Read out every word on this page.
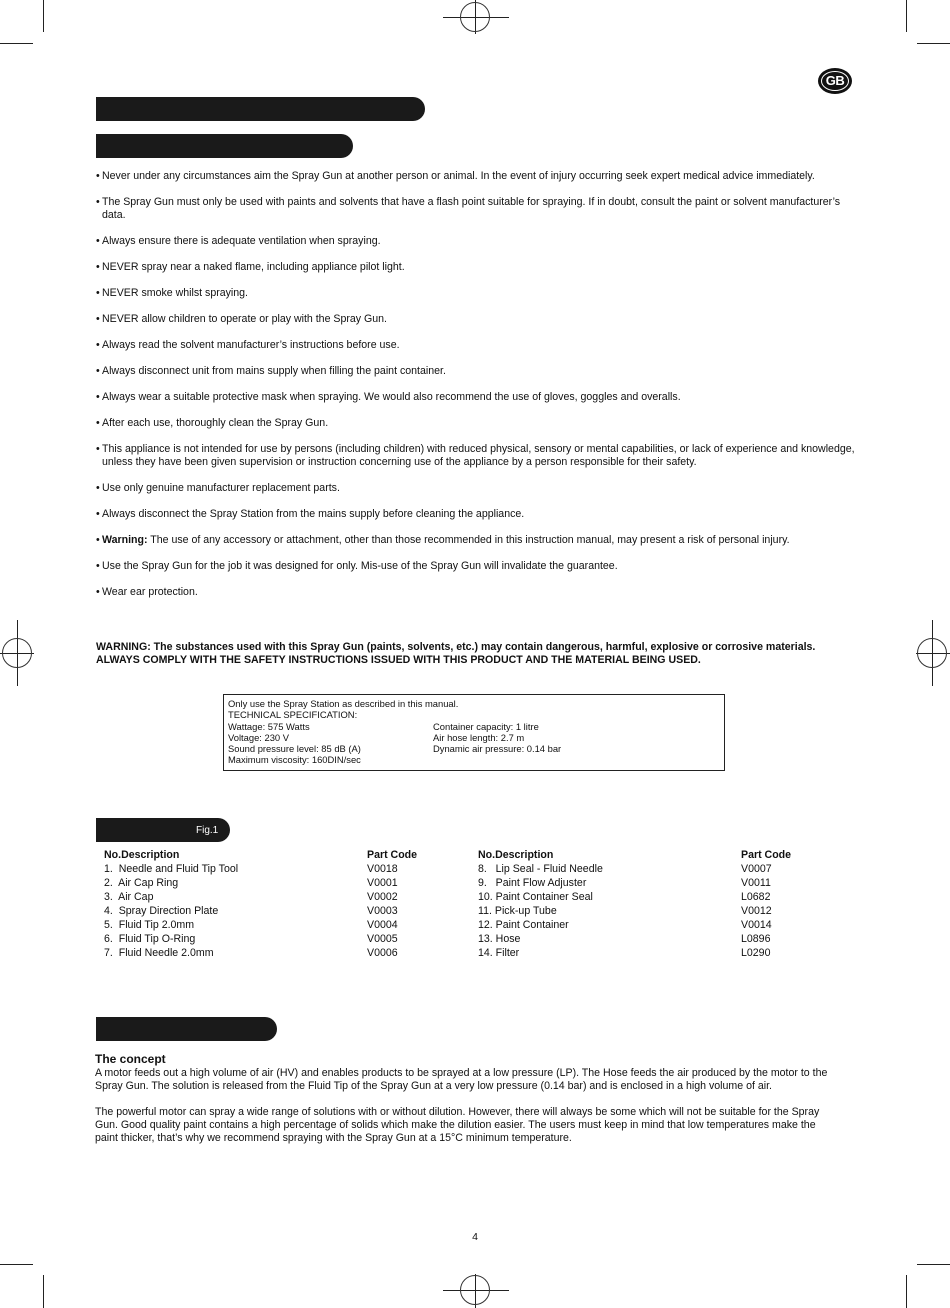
GB
• Never under any circumstances aim the Spray Gun at another person or animal. In the event of injury occurring seek expert medical advice immediately.

• The Spray Gun must only be used with paints and solvents that have a flash point suitable for spraying. If in doubt, consult the paint or solvent manufacturer’s data.

• Always ensure there is adequate ventilation when spraying.

• NEVER spray near a naked flame, including appliance pilot light.

• NEVER smoke whilst spraying.

• NEVER allow children to operate or play with the Spray Gun.

• Always read the solvent manufacturer’s instructions before use.

• Always disconnect unit from mains supply when filling the paint container.

• Always wear a suitable protective mask when spraying. We would also recommend the use of gloves, goggles and overalls.

• After each use, thoroughly clean the Spray Gun.

• This appliance is not intended for use by persons (including children) with reduced physical, sensory or mental capabilities, or lack of experience and knowledge, unless they have been given supervision or instruction concerning use of the appliance by a person responsible for their safety.

• Use only genuine manufacturer replacement parts.

• Always disconnect the Spray Station from the mains supply before cleaning the appliance.

• Warning: The use of any accessory or attachment, other than those recommended in this instruction manual, may present a risk of personal injury.

• Use the Spray Gun for the job it was designed for only. Mis-use of the Spray Gun will invalidate the guarantee.

• Wear ear protection.

WARNING: The substances used with this Spray Gun (paints, solvents, etc.) may contain dangerous, harmful, explosive or corrosive materials. ALWAYS COMPLY WITH THE SAFETY INSTRUCTIONS ISSUED WITH THIS PRODUCT AND THE MATERIAL BEING USED.
Only use the Spray Station as described in this manual.
TECHNICAL SPECIFICATION:
Wattage: 575 Watts	Container capacity: 1 litre
Voltage: 230 V	Air hose length: 2.7 m
Sound pressure level: 85 dB (A)	Dynamic air pressure: 0.14 bar
Maximum viscosity: 160DIN/sec
Fig.1
No.Description	Part Code
1.  Needle and Fluid Tip Tool	V0018
2.  Air Cap Ring	V0001
3.  Air Cap	V0002
4.  Spray Direction Plate	V0003
5.  Fluid Tip 2.0mm	V0004
6.  Fluid Tip O-Ring	V0005
7.  Fluid Needle 2.0mm	V0006
No.Description	Part Code
8.   Lip Seal - Fluid Needle	V0007
9.   Paint Flow Adjuster	V0011
10. Paint Container Seal	L0682
11. Pick-up Tube	V0012
12. Paint Container	V0014
13. Hose	L0896
14. Filter	L0290
The concept

A motor feeds out a high volume of air (HV) and enables products to be sprayed at a low pressure (LP). The Hose feeds the air produced by the motor to the Spray Gun. The solution is released from the Fluid Tip of the Spray Gun at a very low pressure (0.14 bar) and is enclosed in a high volume of air.

The powerful motor can spray a wide range of solutions with or without dilution. However, there will always be some which will not be suitable for the Spray Gun. Good quality paint contains a high percentage of solids which make the dilution easier. The users must keep in mind that low temperatures make the paint thicker, that’s why we recommend spraying with the Spray Gun at a 15°C minimum temperature.

4
